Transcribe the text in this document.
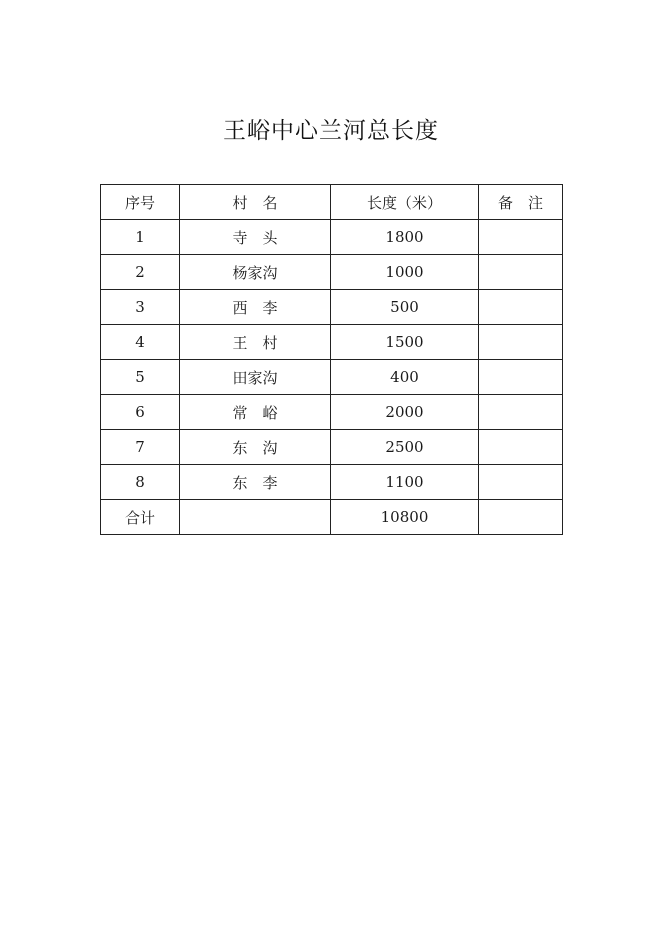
王峪中心兰河总长度
序号	村　名	长度（米）	备　注
1	寺　头	1800	
2	杨家沟	1000	
3	西　李	500	
4	王　村	1500	
5	田家沟	400	
6	常　峪	2000	
7	东　沟	2500	
8	东　李	1100	
合计		10800	
